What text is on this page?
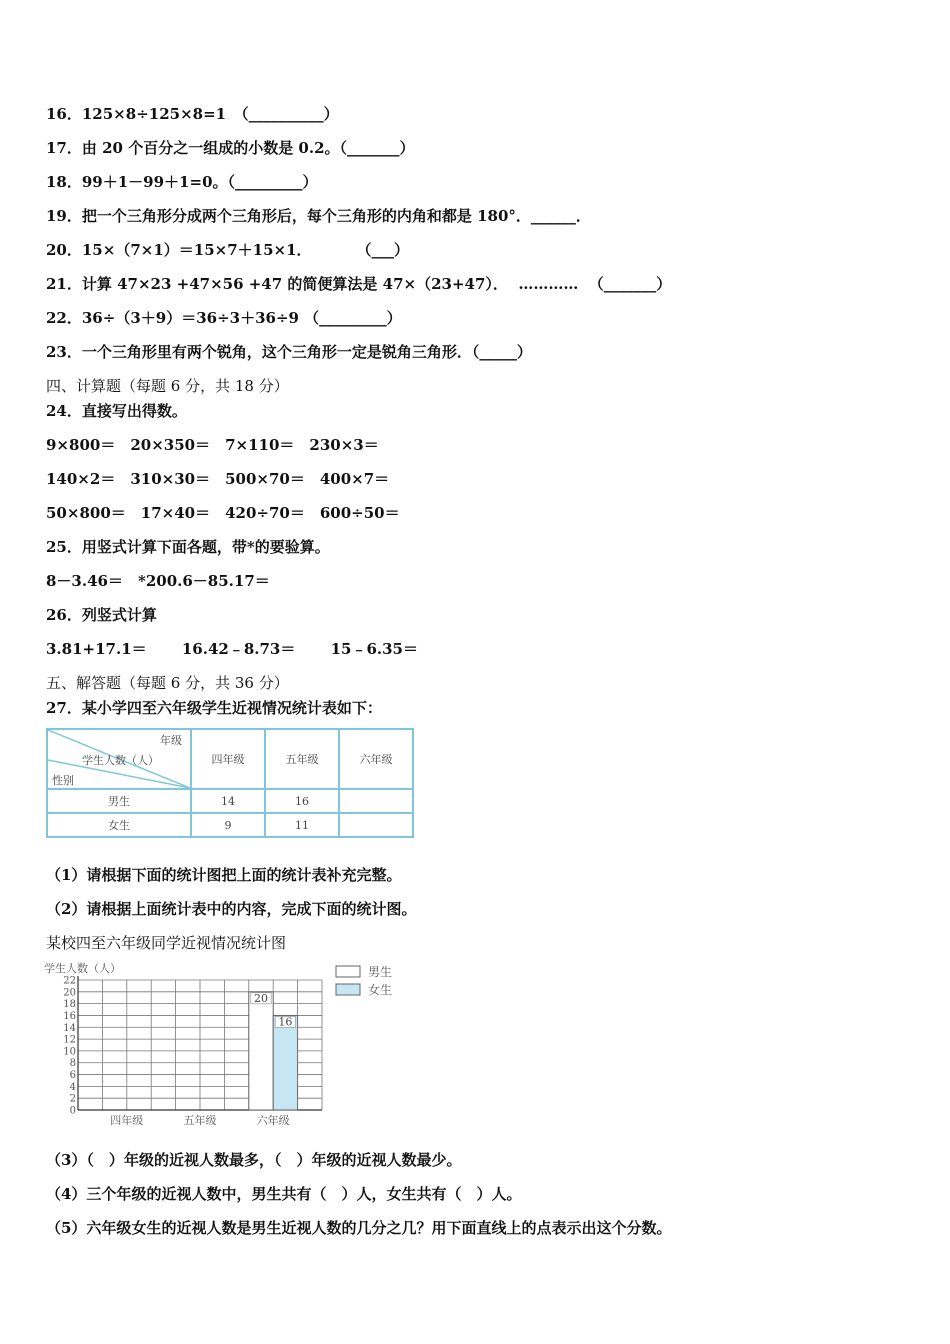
16．125×8÷125×8=1　（__________）
17．由 20 个百分之一组成的小数是 0.2。（_______）
18．99＋1－99＋1=0。（_________）
19．把一个三角形分成两个三角形后，每个三角形的内角和都是 180°．______．
20．15×（7×1）＝15×7＋15×1．　　　　（___）
21．计算 47×23 +47×56 +47 的简便算法是 47×（23+47）．  …………  （_______）
22．36÷（3＋9）＝36÷3＋36÷9 （_________）
23．一个三角形里有两个锐角，这个三角形一定是锐角三角形．（_____）
四、计算题（每题 6 分，共 18 分）
24．直接写出得数。
9×800＝　20×350＝　7×110＝　230×3＝
140×2＝　310×30＝　500×70＝　400×7＝
50×800＝　17×40＝　420÷70＝　600÷50＝
25．用竖式计算下面各题，带*的要验算。
8－3.46＝　*200.6－85.17＝
26．列竖式计算
3.81+17.1＝　　 16.42﹣8.73＝　　 15﹣6.35＝
五、解答题（每题 6 分，共 36 分）
27．某小学四至六年级学生近视情况统计表如下：
年级
学生人数（人）
性别	四年级	五年级	六年级
男生	14	16	
女生	9	11	
（1）请根据下面的统计图把上面的统计表补充完整。
（2）请根据上面统计表中的内容，完成下面的统计图。
某校四至六年级同学近视情况统计图
学生人数（人）
0
2
4
6
8
10
12
14
16
18
20
22
四年级	五年级	六年级
20
16
男生
女生
（3）（　）年级的近视人数最多，（　）年级的近视人数最少。
（4）三个年级的近视人数中，男生共有（　）人，女生共有（　）人。
（5）六年级女生的近视人数是男生近视人数的几分之几？用下面直线上的点表示出这个分数。
